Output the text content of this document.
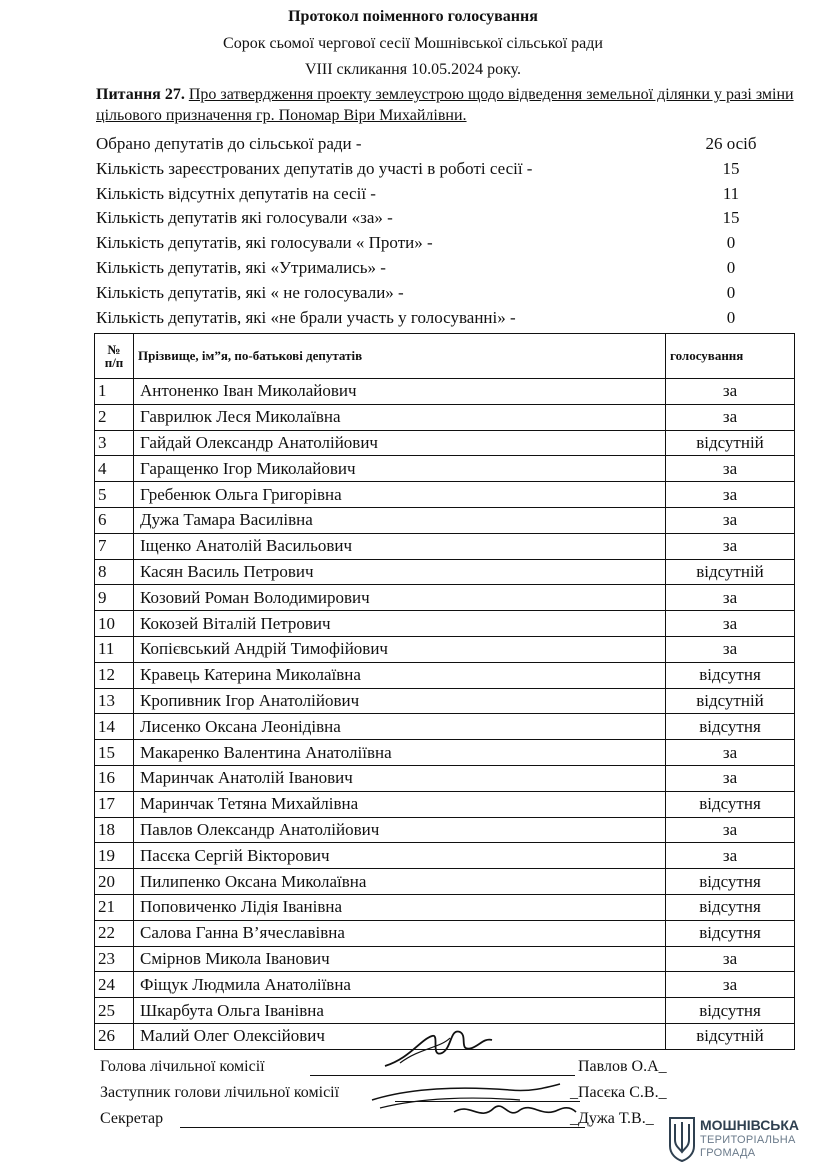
Протокол поіменного голосування
Сорок сьомої чергової сесії Мошнівської сільської ради
VIII скликання 10.05.2024 року.
Питання 27. Про затвердження проекту землеустрою щодо відведення земельної ділянки у разі зміни цільового призначення гр. Пономар Віри Михайлівни.
Обрано депутатів до сільської ради -	26 осіб
Кількість зареєстрованих депутатів до участі в роботі сесії -	15
Кількість відсутніх депутатів на сесії -	11
Кількість депутатів які голосували «за» -	15
Кількість депутатів, які голосували « Проти» -	0
Кількість депутатів, які «Утримались» -	0
Кількість депутатів, які « не голосували» -	0
Кількість депутатів, які «не брали участь у голосуванні» -	0
№
п/п	Прізвище, ім”я, по-батькові депутатів	голосування
1	Антоненко Іван Миколайович	за
2	Гаврилюк Леся Миколаївна	за
3	Гайдай Олександр Анатолійович	відсутній
4	Гаращенко Ігор Миколайович	за
5	Гребенюк Ольга Григорівна	за
6	Дужа Тамара Василівна	за
7	Іщенко Анатолій Васильович	за
8	Касян Василь Петрович	відсутній
9	Козовий Роман Володимирович	за
10	Кокозей Віталій Петрович	за
11	Копієвський Андрій Тимофійович	за
12	Кравець Катерина Миколаївна	відсутня
13	Кропивник Ігор Анатолійович	відсутній
14	Лисенко Оксана Леонідівна	відсутня
15	Макаренко Валентина Анатоліївна	за
16	Маринчак Анатолій Іванович	за
17	Маринчак Тетяна Михайлівна	відсутня
18	Павлов Олександр Анатолійович	за
19	Пасєка Сергій Вікторович	за
20	Пилипенко Оксана Миколаївна	відсутня
21	Поповиченко Лідія Іванівна	відсутня
22	Салова Ганна В’ячеславівна	відсутня
23	Смірнов Микола Іванович	за
24	Фіщук Людмила Анатоліївна	за
25	Шкарбута Ольга Іванівна	відсутня
26	Малий Олег Олексійович	відсутній
Голова лічильної комісії	Павлов О.А_
Заступник голови лічильної комісії	_Пасєка С.В._
Секретар	_Дужа Т.В._	МОШНІВСЬКА
ТЕРИТОРІАЛЬНА
ГРОМАДА
